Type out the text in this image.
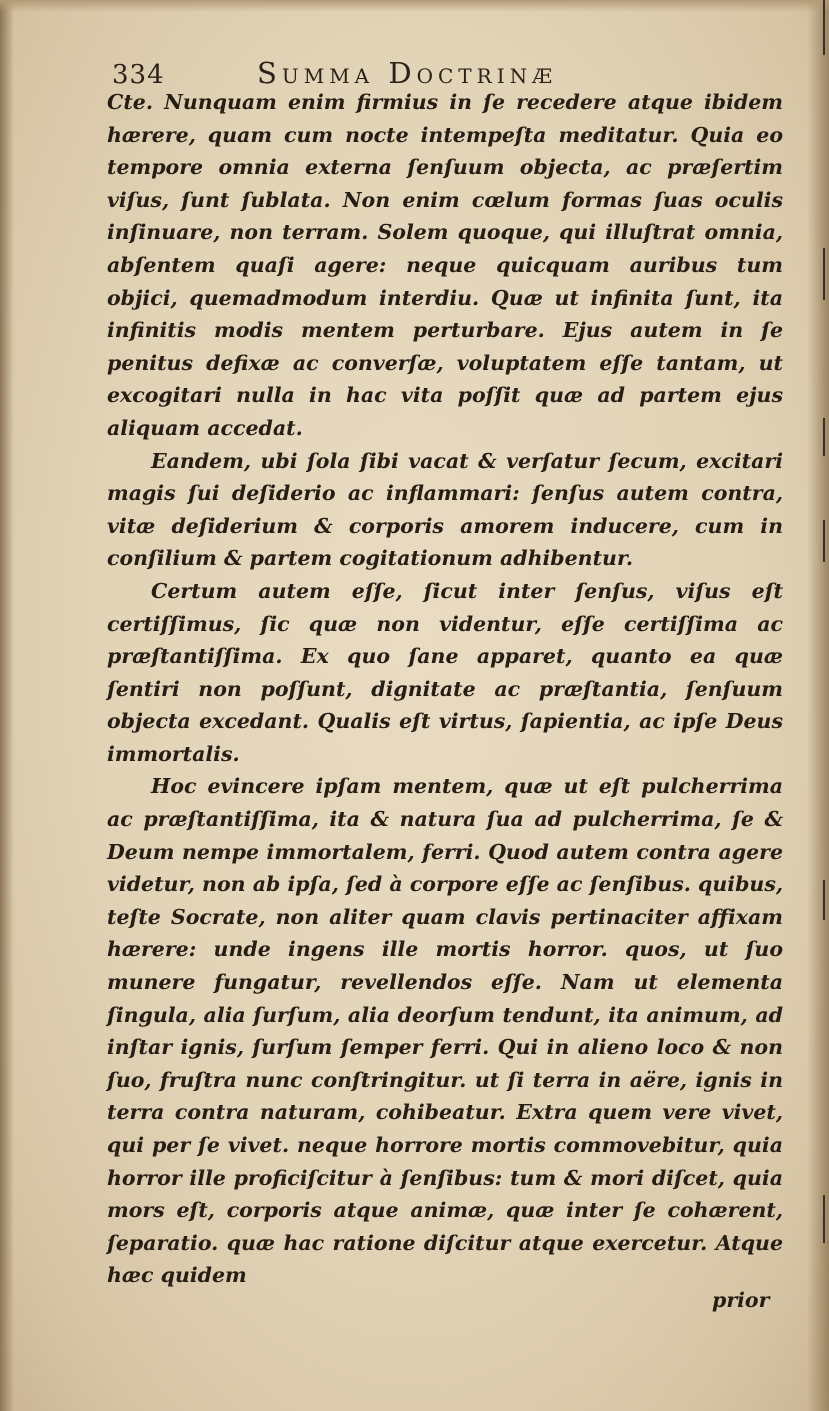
334	Summa Doctrinæ

Cte. Nunquam enim firmius in ſe recedere atque ibidem hærere, quam cum nocte intempeſta meditatur. Quia eo tempore omnia externa ſenſuum objecta, ac præſertim viſus, ſunt ſublata. Non enim cœlum formas ſuas oculis inſinuare, non terram. Solem quoque, qui illuſtrat omnia, abſentem quaſi agere: neque quicquam auribus tum objici, quemadmodum interdiu. Quæ ut infinita ſunt, ita infinitis modis mentem perturbare. Ejus autem in ſe penitus defixæ ac converſæ, voluptatem eſſe tantam, ut excogitari nulla in hac vita poſſit quæ ad partem ejus aliquam accedat.

Eandem, ubi ſola ſibi vacat & verſatur ſecum, excitari magis ſui deſiderio ac inflammari: ſenſus autem contra, vitæ deſiderium & corporis amorem inducere, cum in conſilium & partem cogitationum adhibentur.

Certum autem eſſe, ſicut inter ſenſus, viſus eſt certiſſimus, ſic quæ non videntur, eſſe certiſſima ac præſtantiſſima. Ex quo ſane apparet, quanto ea quæ ſentiri non poſſunt, dignitate ac præſtantia, ſenſuum objecta excedant. Qualis eſt virtus, ſapientia, ac ipſe Deus immortalis.

Hoc evincere ipſam mentem, quæ ut eſt pulcherrima ac præſtantiſſima, ita & natura ſua ad pulcherrima, ſe & Deum nempe immortalem, ferri. Quod autem contra agere videtur, non ab ipſa, ſed à corpore eſſe ac ſenſibus. quibus, teſte Socrate, non aliter quam clavis pertinaciter affixam hærere: unde ingens ille mortis horror. quos, ut ſuo munere fungatur, revellendos eſſe. Nam ut elementa ſingula, alia ſurſum, alia deorſum tendunt, ita animum, ad inſtar ignis, ſurſum ſemper ferri. Qui in alieno loco & non ſuo, fruſtra nunc conſtringitur. ut ſi terra in aëre, ignis in terra contra naturam, cohibeatur. Extra quem vere vivet, qui per ſe vivet. neque horrore mortis commovebitur, quia horror ille proficiſcitur à ſenſibus: tum & mori diſcet, quia mors eſt, corporis atque animæ, quæ inter ſe cohærent, ſeparatio. quæ hac ratione diſcitur atque exercetur. Atque hæc quidem

prior
